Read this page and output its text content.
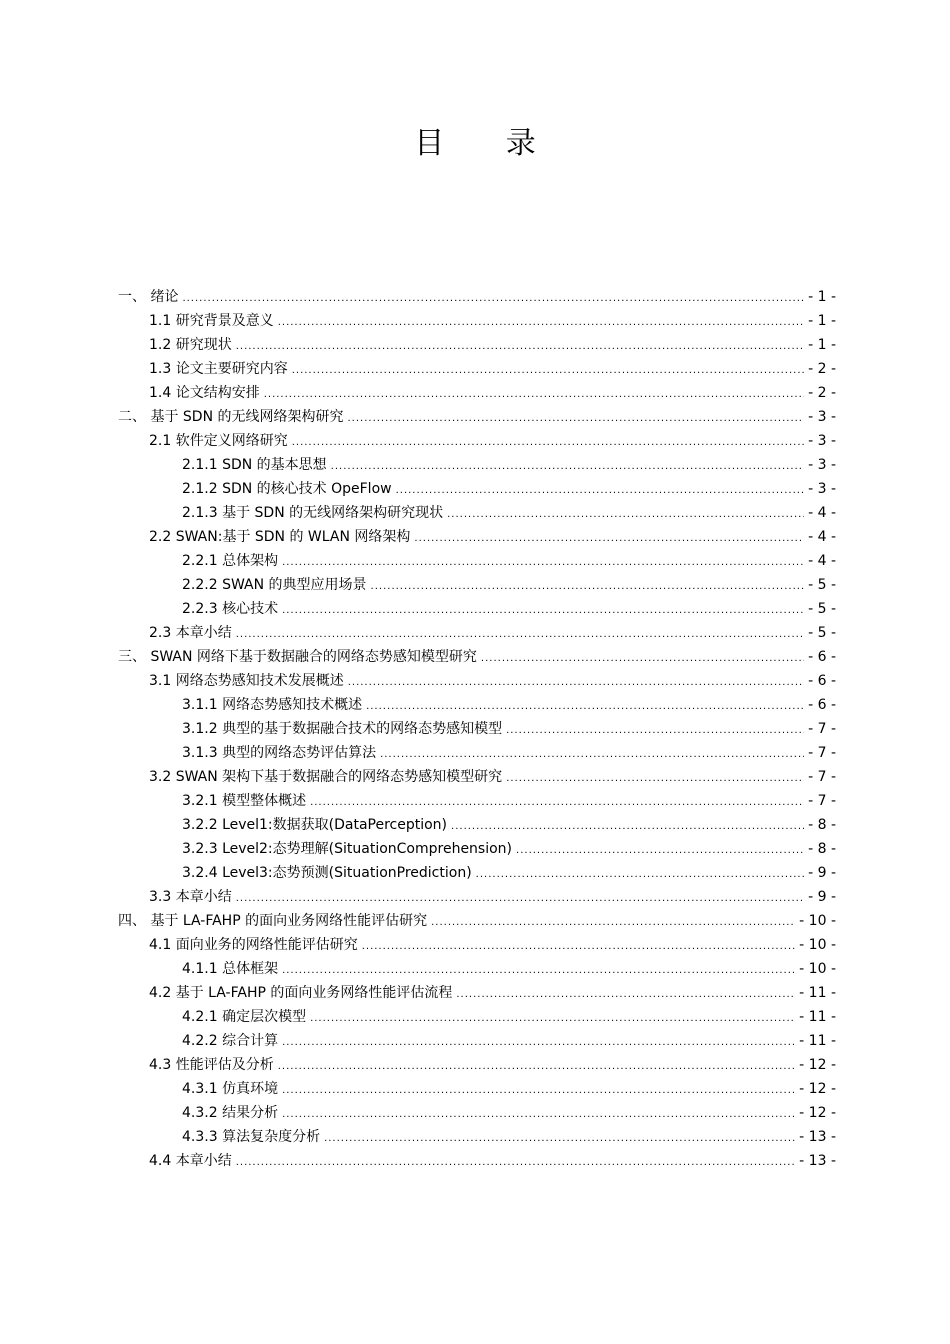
目 录
一、 绪论 .....	- 1 -
1.1 研究背景及意义 .....	- 1 -
1.2 研究现状 .....	- 1 -
1.3 论文主要研究内容 .....	- 2 -
1.4 论文结构安排 .....	- 2 -
二、 基于 SDN 的无线网络架构研究 .....	- 3 -
2.1 软件定义网络研究 .....	- 3 -
2.1.1 SDN 的基本思想 .....	- 3 -
2.1.2 SDN 的核心技术 OpeFlow .....	- 3 -
2.1.3 基于 SDN 的无线网络架构研究现状 .....	- 4 -
2.2 SWAN:基于 SDN 的 WLAN 网络架构 .....	- 4 -
2.2.1 总体架构 .....	- 4 -
2.2.2 SWAN 的典型应用场景 .....	- 5 -
2.2.3 核心技术 .....	- 5 -
2.3 本章小结 .....	- 5 -
三、 SWAN 网络下基于数据融合的网络态势感知模型研究 .....	- 6 -
3.1 网络态势感知技术发展概述 .....	- 6 -
3.1.1 网络态势感知技术概述 .....	- 6 -
3.1.2 典型的基于数据融合技术的网络态势感知模型 .....	- 7 -
3.1.3 典型的网络态势评估算法 .....	- 7 -
3.2 SWAN 架构下基于数据融合的网络态势感知模型研究 .....	- 7 -
3.2.1 模型整体概述 .....	- 7 -
3.2.2 Level1:数据获取(DataPerception) .....	- 8 -
3.2.3 Level2:态势理解(SituationComprehension) .....	- 8 -
3.2.4 Level3:态势预测(SituationPrediction) .....	- 9 -
3.3 本章小结 .....	- 9 -
四、 基于 LA-FAHP 的面向业务网络性能评估研究 .....	- 10 -
4.1 面向业务的网络性能评估研究 .....	- 10 -
4.1.1 总体框架 .....	- 10 -
4.2 基于 LA-FAHP 的面向业务网络性能评估流程 .....	- 11 -
4.2.1 确定层次模型 .....	- 11 -
4.2.2 综合计算 .....	- 11 -
4.3 性能评估及分析 .....	- 12 -
4.3.1 仿真环境 .....	- 12 -
4.3.2 结果分析 .....	- 12 -
4.3.3 算法复杂度分析 .....	- 13 -
4.4 本章小结 .....	- 13 -
